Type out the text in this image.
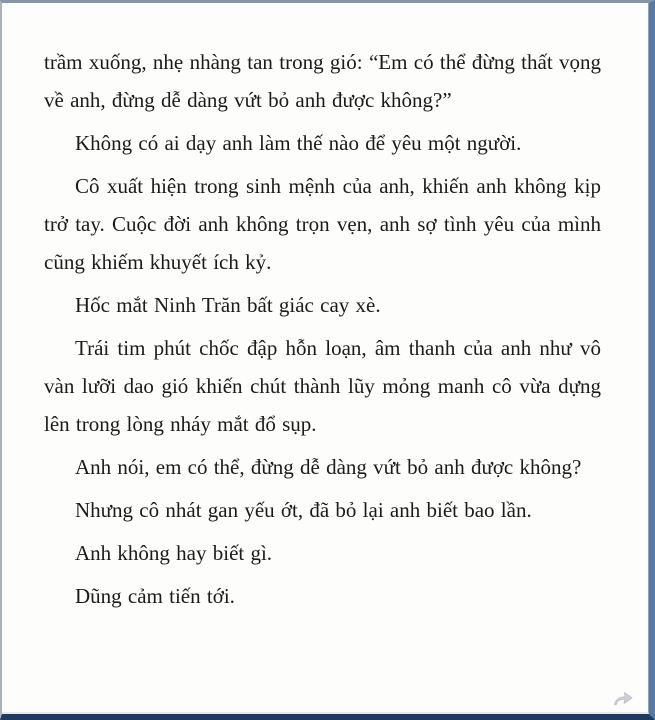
trầm xuống, nhẹ nhàng tan trong gió: “Em có thể đừng thất vọng về anh, đừng dễ dàng vứt bỏ anh được không?”

Không có ai dạy anh làm thế nào để yêu một người.

Cô xuất hiện trong sinh mệnh của anh, khiến anh không kịp trở tay. Cuộc đời anh không trọn vẹn, anh sợ tình yêu của mình cũng khiếm khuyết ích kỷ.

Hốc mắt Ninh Trăn bất giác cay xè.

Trái tim phút chốc đập hỗn loạn, âm thanh của anh như vô vàn lưỡi dao gió khiến chút thành lũy mỏng manh cô vừa dựng lên trong lòng nháy mắt đổ sụp.

Anh nói, em có thể, đừng dễ dàng vứt bỏ anh được không?

Nhưng cô nhát gan yếu ớt, đã bỏ lại anh biết bao lần.

Anh không hay biết gì.

Dũng cảm tiến tới.
